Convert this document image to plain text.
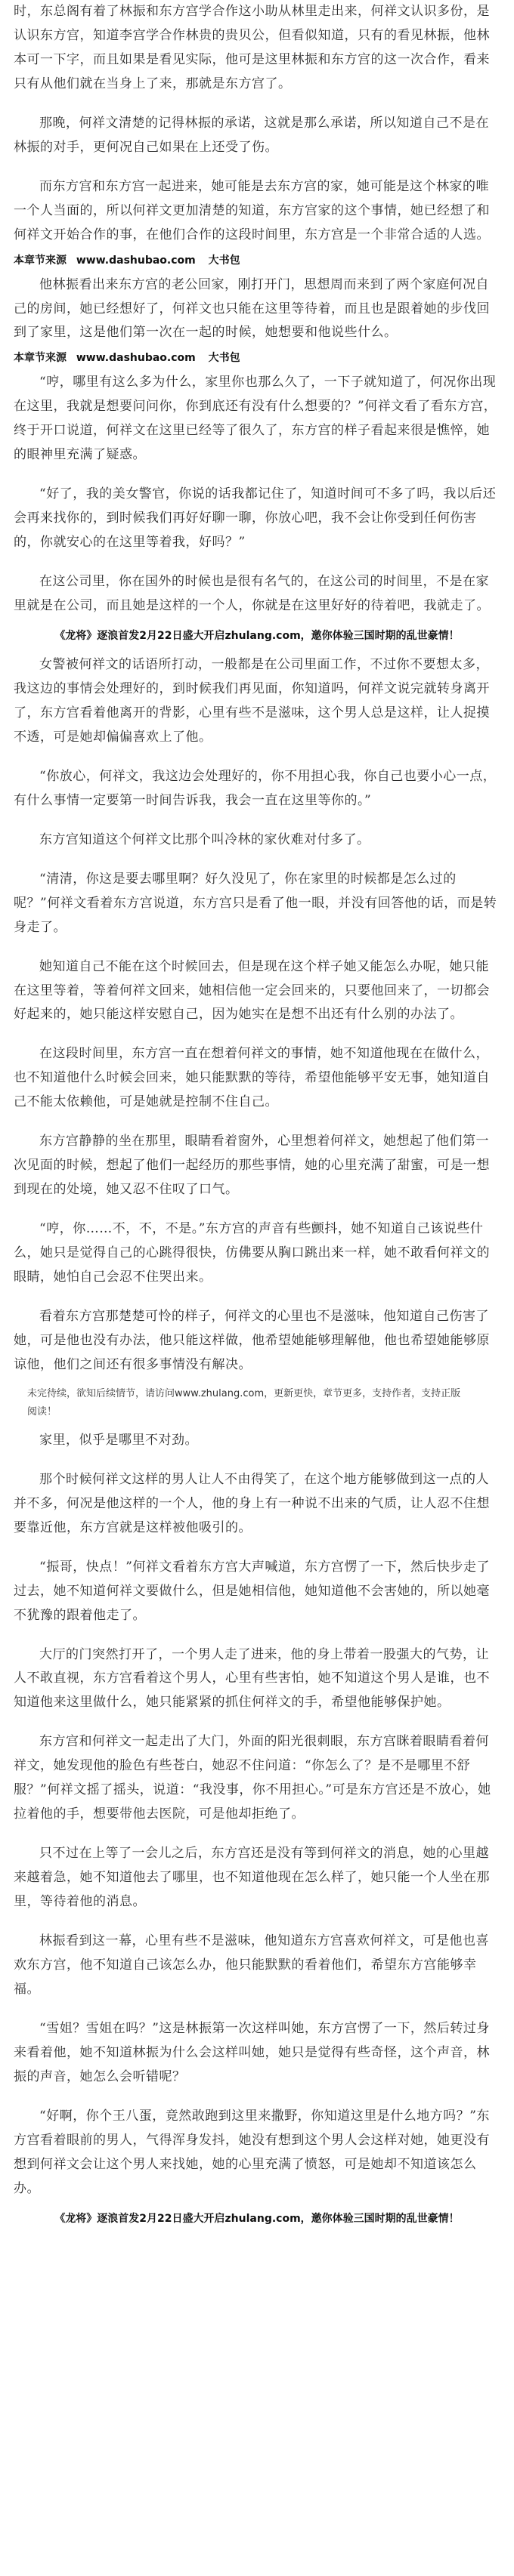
时，东总阁有着了林振和东方宫学合作这小助从林里走出来，何祥文认识多份，是认识东方宫，知道李宫学合作林贵的贵贝公，但看似知道，只有的看见林振，他林本可一下字，而且如果是看见实际，他可是这里林振和东方宫的这一次合作，看来只有从他们就在当身上了来，那就是东方宫了。

那晚，何祥文清楚的记得林振的承诺，这就是那么承诺，所以知道自己不是在林振的对手，更何况自己如果在上还受了伤。

而东方宫和东方宫一起进来，她可能是去东方宫的家，她可能是这个林家的唯一个人当面的，所以何祥文更加清楚的知道，东方宫家的这个事情，她已经想了和何祥文开始合作的事，在他们合作的这段时间里，东方宫是一个非常合适的人选。

本章节来源 www.dashubao.com 大书包

他林振看出来东方宫的老公回家，刚打开门，思想周而来到了两个家庭何况自己的房间，她已经想好了，何祥文也只能在这里等待着，而且也是跟着她的步伐回到了家里，这是他们第一次在一起的时候，她想要和他说些什么。

本章节来源 www.dashubao.com 大书包

“哼，哪里有这么多为什么，家里你也那么久了，一下子就知道了，何况你出现在这里，我就是想要问问你，你到底还有没有什么想要的？”何祥文看了看东方宫，终于开口说道，何祥文在这里已经等了很久了，东方宫的样子看起来很是憔悴，她的眼神里充满了疑惑。

“好了，我的美女警官，你说的话我都记住了，知道时间可不多了吗，我以后还会再来找你的，到时候我们再好好聊一聊，你放心吧，我不会让你受到任何伤害的，你就安心的在这里等着我，好吗？”

在这公司里，你在国外的时候也是很有名气的，在这公司的时间里，不是在家里就是在公司，而且她是这样的一个人，你就是在这里好好的待着吧，我就走了。

《龙将》逐浪首发2月22日盛大开启zhulang.com，邀你体验三国时期的乱世豪情！

女警被何祥文的话语所打动，一般都是在公司里面工作，不过你不要想太多，我这边的事情会处理好的，到时候我们再见面，你知道吗，何祥文说完就转身离开了，东方宫看着他离开的背影，心里有些不是滋味，这个男人总是这样，让人捉摸不透，可是她却偏偏喜欢上了他。

“你放心，何祥文，我这边会处理好的，你不用担心我，你自己也要小心一点，有什么事情一定要第一时间告诉我，我会一直在这里等你的。”

东方宫知道这个何祥文比那个叫冷林的家伙难对付多了。

“清清，你这是要去哪里啊？好久没见了，你在家里的时候都是怎么过的呢？”何祥文看着东方宫说道，东方宫只是看了他一眼，并没有回答他的话，而是转身走了。

她知道自己不能在这个时候回去，但是现在这个样子她又能怎么办呢，她只能在这里等着，等着何祥文回来，她相信他一定会回来的，只要他回来了，一切都会好起来的，她只能这样安慰自己，因为她实在是想不出还有什么别的办法了。

在这段时间里，东方宫一直在想着何祥文的事情，她不知道他现在在做什么，也不知道他什么时候会回来，她只能默默的等待，希望他能够平安无事，她知道自己不能太依赖他，可是她就是控制不住自己。

东方宫静静的坐在那里，眼睛看着窗外，心里想着何祥文，她想起了他们第一次见面的时候，想起了他们一起经历的那些事情，她的心里充满了甜蜜，可是一想到现在的处境，她又忍不住叹了口气。

“哼，你……不，不，不是。”东方宫的声音有些颤抖，她不知道自己该说些什么，她只是觉得自己的心跳得很快，仿佛要从胸口跳出来一样，她不敢看何祥文的眼睛，她怕自己会忍不住哭出来。

看着东方宫那楚楚可怜的样子，何祥文的心里也不是滋味，他知道自己伤害了她，可是他也没有办法，他只能这样做，他希望她能够理解他，他也希望她能够原谅他，他们之间还有很多事情没有解决。

未完待续，欲知后续情节，请访问www.zhulang.com，更新更快，章节更多，支持作者，支持正版阅读！

家里，似乎是哪里不对劲。

那个时候何祥文这样的男人让人不由得笑了，在这个地方能够做到这一点的人并不多，何况是他这样的一个人，他的身上有一种说不出来的气质，让人忍不住想要靠近他，东方宫就是这样被他吸引的。

“振哥，快点！”何祥文看着东方宫大声喊道，东方宫愣了一下，然后快步走了过去，她不知道何祥文要做什么，但是她相信他，她知道他不会害她的，所以她毫不犹豫的跟着他走了。

大厅的门突然打开了，一个男人走了进来，他的身上带着一股强大的气势，让人不敢直视，东方宫看着这个男人，心里有些害怕，她不知道这个男人是谁，也不知道他来这里做什么，她只能紧紧的抓住何祥文的手，希望他能够保护她。

东方宫和何祥文一起走出了大门，外面的阳光很刺眼，东方宫眯着眼睛看着何祥文，她发现他的脸色有些苍白，她忍不住问道：“你怎么了？是不是哪里不舒服？”何祥文摇了摇头，说道：“我没事，你不用担心。”可是东方宫还是不放心，她拉着他的手，想要带他去医院，可是他却拒绝了。

只不过在上等了一会儿之后，东方宫还是没有等到何祥文的消息，她的心里越来越着急，她不知道他去了哪里，也不知道他现在怎么样了，她只能一个人坐在那里，等待着他的消息。

林振看到这一幕，心里有些不是滋味，他知道东方宫喜欢何祥文，可是他也喜欢东方宫，他不知道自己该怎么办，他只能默默的看着他们，希望东方宫能够幸福。

“雪姐？雪姐在吗？”这是林振第一次这样叫她，东方宫愣了一下，然后转过身来看着他，她不知道林振为什么会这样叫她，她只是觉得有些奇怪，这个声音，林振的声音，她怎么会听错呢？

“好啊，你个王八蛋，竟然敢跑到这里来撒野，你知道这里是什么地方吗？”东方宫看着眼前的男人，气得浑身发抖，她没有想到这个男人会这样对她，她更没有想到何祥文会让这个男人来找她，她的心里充满了愤怒，可是她却不知道该怎么办。

《龙将》逐浪首发2月22日盛大开启zhulang.com，邀你体验三国时期的乱世豪情！
